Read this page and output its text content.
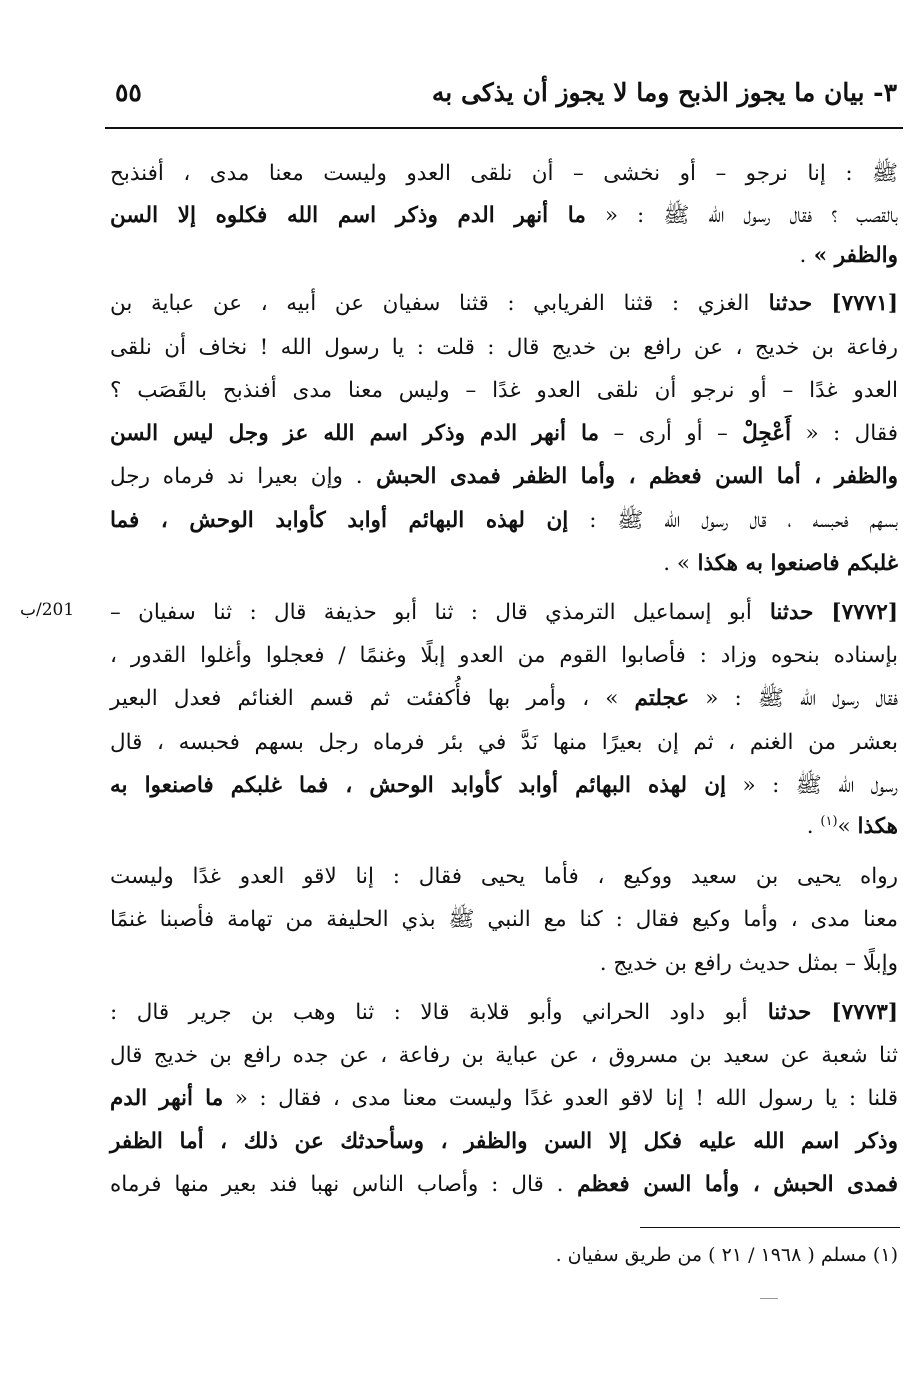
٣- بيان ما يجوز الذبح وما لا يجوز أن يذكى به
٥٥
201/ب
ﷺ : إنا نرجو – أو نخشى – أن نلقى العدو وليست معنا مدى ، أفنذبح
بالقصب ؟ فقال رسول الله ﷺ : « ما أنهر الدم وذكر اسم الله فكلوه إلا السن
والظفر » .
[٧٧٧١] حدثنا الغزي : قثنا الفريابي : قثنا سفيان عن أبيه ، عن عباية بن
رفاعة بن خديج ، عن رافع بن خديج قال : قلت : يا رسول الله ! نخاف أن نلقى
العدو غدًا – أو نرجو أن نلقى العدو غدًا – وليس معنا مدى أفنذبح بالقَصَب ؟
فقال : « أَعْجِلْ – أو أرى – ما أنهر الدم وذكر اسم الله عز وجل ليس السن
والظفر ، أما السن فعظم ، وأما الظفر فمدى الحبش . وإن بعيرا ند فرماه رجل
بسهم فحبسه ، قال رسول الله ﷺ : إن لهذه البهائم أوابد كأوابد الوحش ، فما
غلبكم فاصنعوا به هكذا » .
[٧٧٧٢] حدثنا أبو إسماعيل الترمذي قال : ثنا أبو حذيفة قال : ثنا سفيان –
بإسناده بنحوه وزاد : فأصابوا القوم من العدو إبلًا وغنمًا / فعجلوا وأغلوا القدور ،
فقال رسول الله ﷺ : « عجلتم » ، وأمر بها فأُكفئت ثم قسم الغنائم فعدل البعير
بعشر من الغنم ، ثم إن بعيرًا منها نَدَّ في بئر فرماه رجل بسهم فحبسه ، قال
رسول الله ﷺ : « إن لهذه البهائم أوابد كأوابد الوحش ، فما غلبكم فاصنعوا به
هكذا »$^{(١)}$ .
رواه يحيى بن سعيد ووكيع ، فأما يحيى فقال : إنا لاقو العدو غدًا وليست
معنا مدى ، وأما وكيع فقال : كنا مع النبي ﷺ بذي الحليفة من تهامة فأصبنا غنمًا
وإبلًا – بمثل حديث رافع بن خديج .
[٧٧٧٣] حدثنا أبو داود الحراني وأبو قلابة قالا : ثنا وهب بن جرير قال :
ثنا شعبة عن سعيد بن مسروق ، عن عباية بن رفاعة ، عن جده رافع بن خديج قال
قلنا : يا رسول الله ! إنا لاقو العدو غدًا وليست معنا مدى ، فقال : « ما أنهر الدم
وذكر اسم الله عليه فكل إلا السن والظفر ، وسأحدثك عن ذلك ، أما الظفر
فمدى الحبش ، وأما السن فعظم . قال : وأصاب الناس نهبا فند بعير منها فرماه
(١) مسلم ( ١٩٦٨ / ٢١ ) من طريق سفيان .
